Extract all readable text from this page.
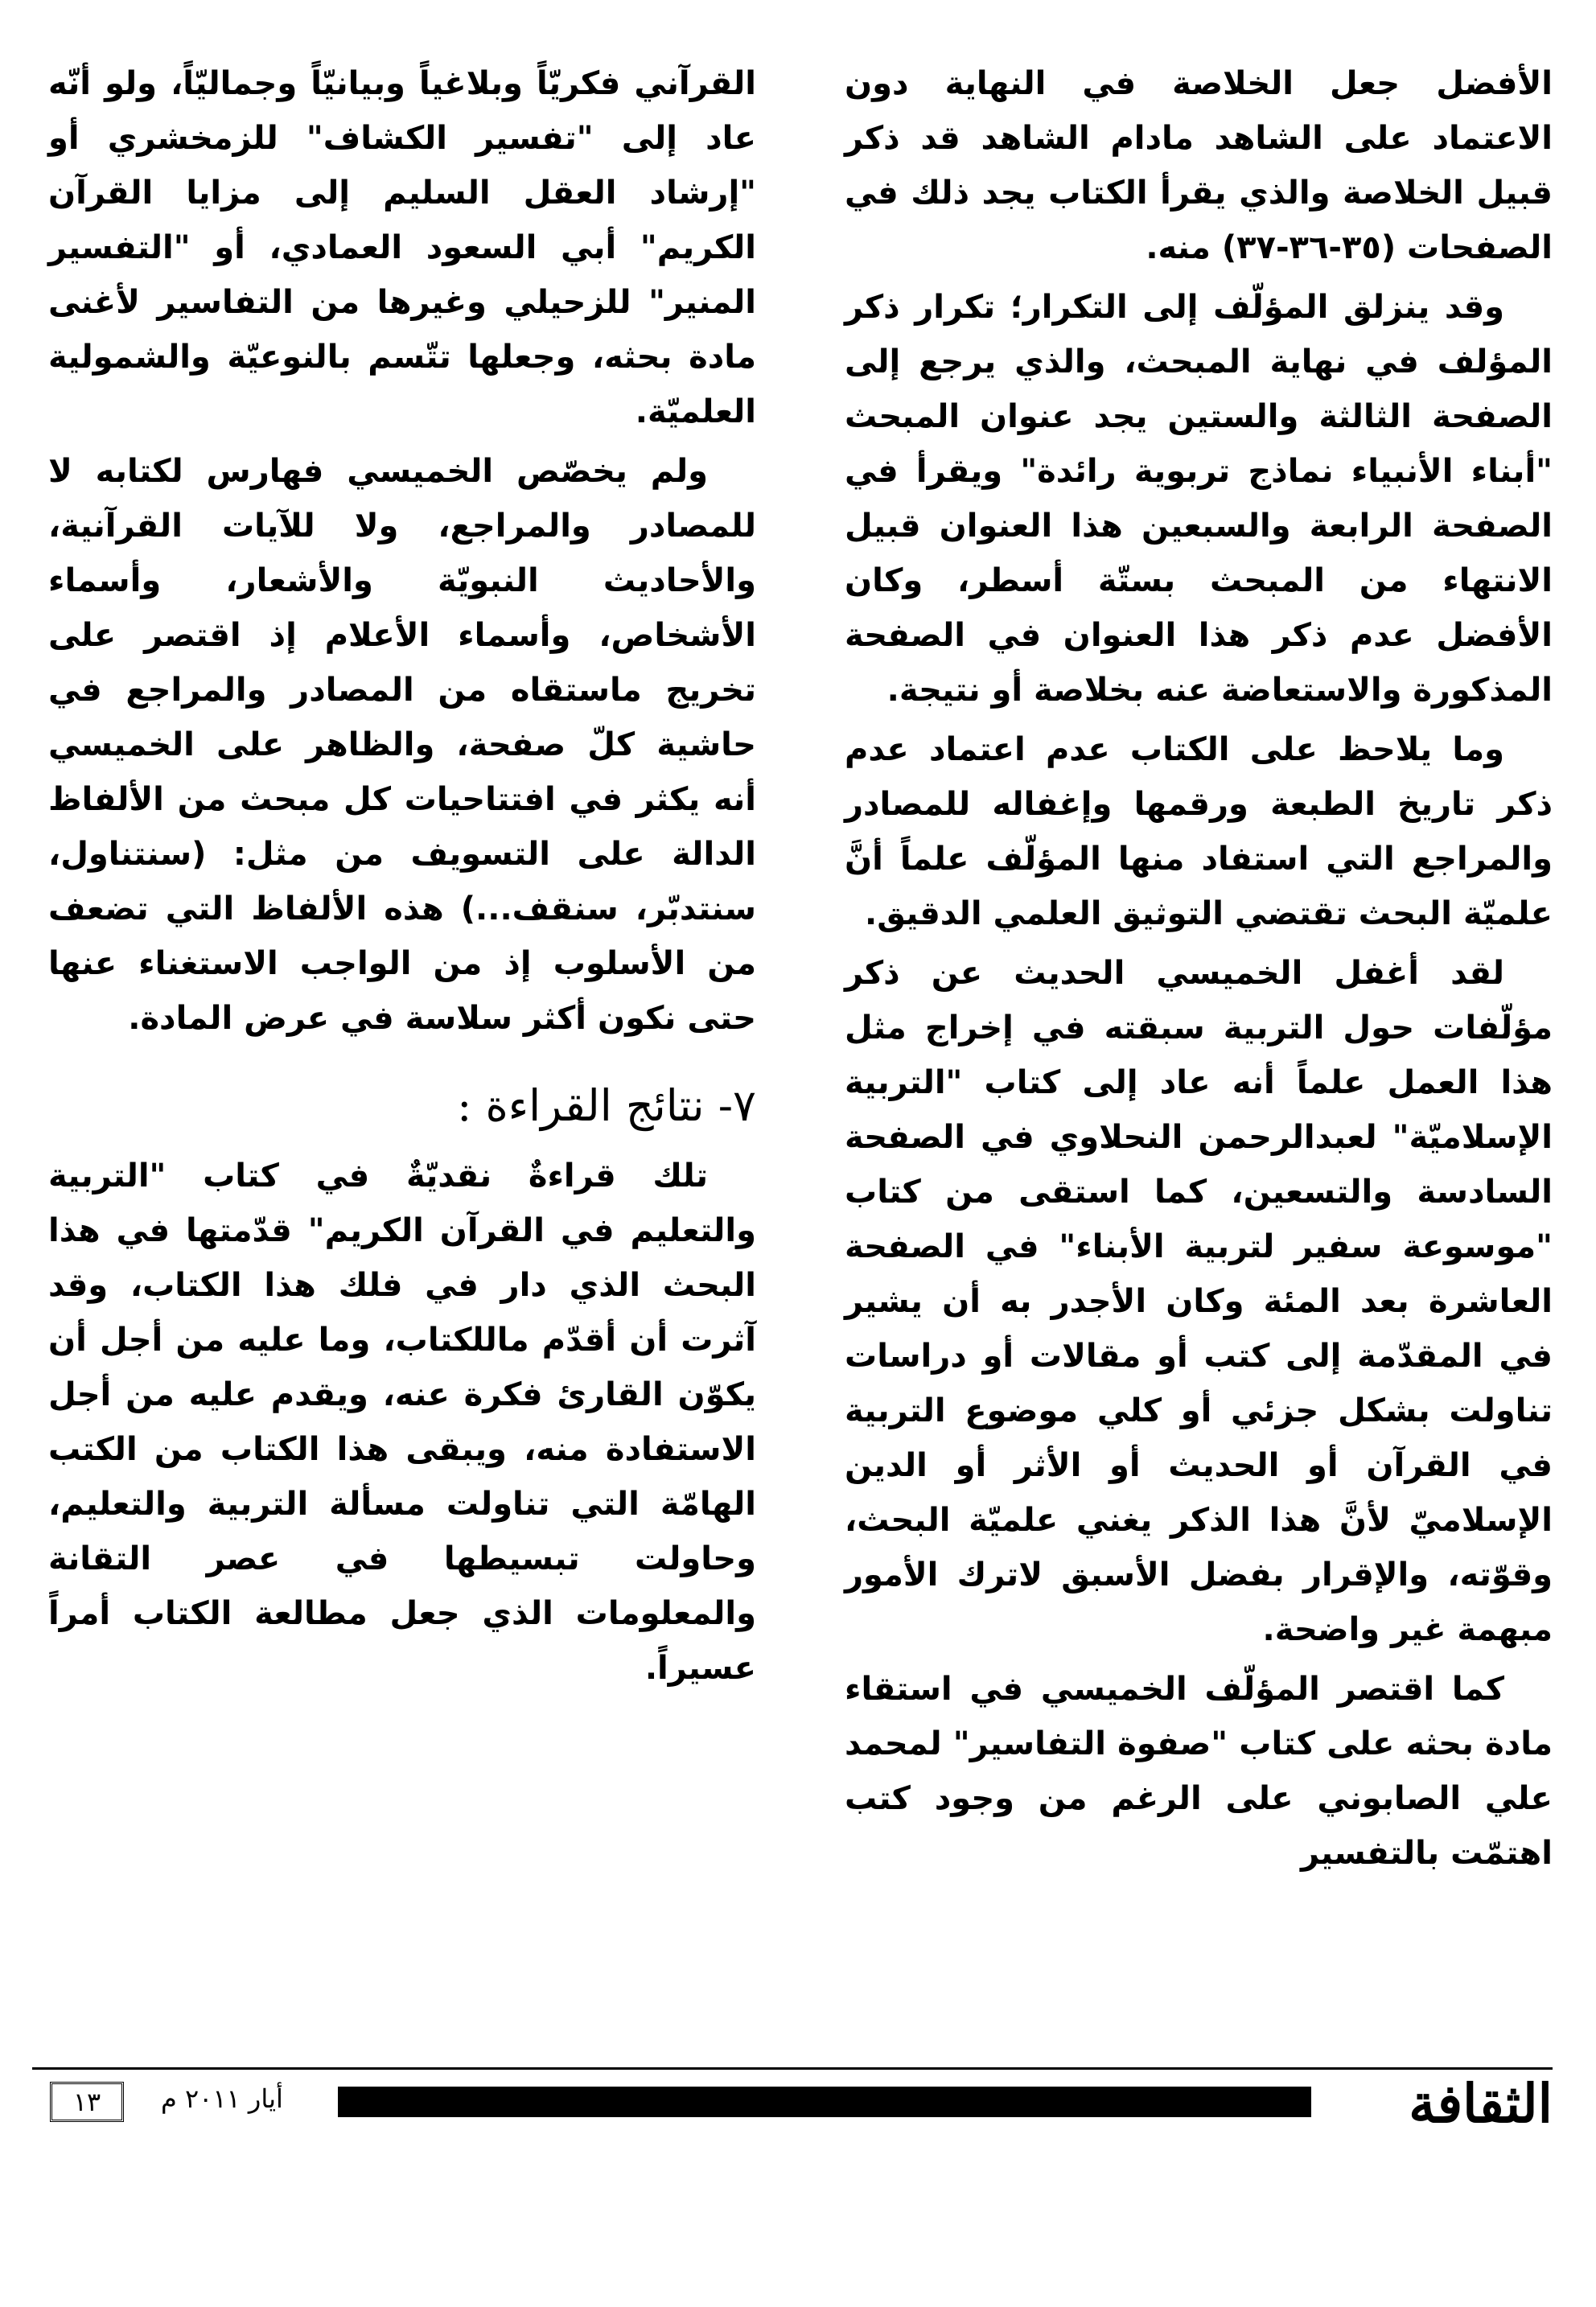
الأفضل جعل الخلاصة في النهاية دون الاعتماد على الشاهد مادام الشاهد قد ذكر قبيل الخلاصة والذي يقرأ الكتاب يجد ذلك في الصفحات (٣٥-٣٦-٣٧) منه.

وقد ينزلق المؤلّف إلى التكرار؛ تكرار ذكر المؤلف في نهاية المبحث، والذي يرجع إلى الصفحة الثالثة والستين يجد عنوان المبحث "أبناء الأنبياء نماذج تربوية رائدة" ويقرأ في الصفحة الرابعة والسبعين هذا العنوان قبيل الانتهاء من المبحث بستّة أسطر، وكان الأفضل عدم ذكر هذا العنوان في الصفحة المذكورة والاستعاضة عنه بخلاصة أو نتيجة.

وما يلاحظ على الكتاب عدم اعتماد عدم ذكر تاريخ الطبعة ورقمها وإغفاله للمصادر والمراجع التي استفاد منها المؤلّف علماً أنَّ علميّة البحث تقتضي التوثيق العلمي الدقيق.

لقد أغفل الخميسي الحديث عن ذكر مؤلّفات حول التربية سبقته في إخراج مثل هذا العمل علماً أنه عاد إلى كتاب "التربية الإسلاميّة" لعبدالرحمن النحلاوي في الصفحة السادسة والتسعين، كما استقى من كتاب "موسوعة سفير لتربية الأبناء" في الصفحة العاشرة بعد المئة وكان الأجدر به أن يشير في المقدّمة إلى كتب أو مقالات أو دراسات تناولت بشكل جزئي أو كلي موضوع التربية في القرآن أو الحديث أو الأثر أو الدين الإسلاميّ لأنَّ هذا الذكر يغني علميّة البحث، وقوّته، والإقرار بفضل الأسبق لاترك الأمور مبهمة غير واضحة.

كما اقتصر المؤلّف الخميسي في استقاء مادة بحثه على كتاب "صفوة التفاسير" لمحمد علي الصابوني على الرغم من وجود كتب اهتمّت بالتفسير

القرآني فكريّاً وبلاغياً وبيانيّاً وجماليّاً، ولو أنّه عاد إلى "تفسير الكشاف" للزمخشري أو "إرشاد العقل السليم إلى مزايا القرآن الكريم" أبي السعود العمادي، أو "التفسير المنير" للزحيلي وغيرها من التفاسير لأغنى مادة بحثه، وجعلها تتّسم بالنوعيّة والشمولية العلميّة.

ولم يخصّص الخميسي فهارس لكتابه لا للمصادر والمراجع، ولا للآيات القرآنية، والأحاديث النبويّة والأشعار، وأسماء الأشخاص، وأسماء الأعلام إذ اقتصر على تخريج ماستقاه من المصادر والمراجع في حاشية كلّ صفحة، والظاهر على الخميسي أنه يكثر في افتتاحيات كل مبحث من الألفاظ الدالة على التسويف من مثل: (سنتناول، سنتدبّر، سنقف...) هذه الألفاظ التي تضعف من الأسلوب إذ من الواجب الاستغناء عنها حتى نكون أكثر سلاسة في عرض المادة.

٧- نتائج القراءة :

تلك قراءةٌ نقديّةٌ في كتاب "التربية والتعليم في القرآن الكريم" قدّمتها في هذا البحث الذي دار في فلك هذا الكتاب، وقد آثرت أن أقدّم ماللكتاب، وما عليه من أجل أن يكوّن القارئ فكرة عنه، ويقدم عليه من أجل الاستفادة منه، ويبقى هذا الكتاب من الكتب الهامّة التي تناولت مسألة التربية والتعليم، وحاولت تبسيطها في عصر التقانة والمعلومات الذي جعل مطالعة الكتاب أمراً عسيراً.

الثقافة
أيار ٢٠١١ م
١٣
